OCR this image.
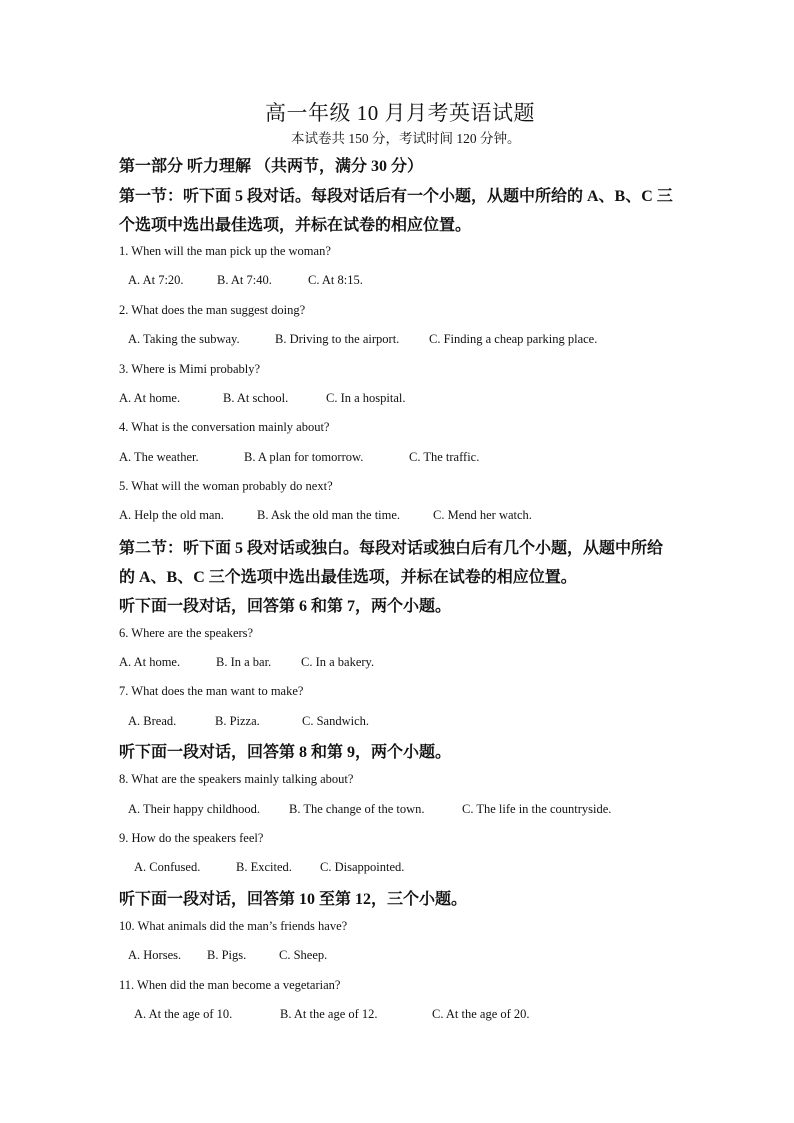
高一年级 10 月月考英语试题
本试卷共 150 分，考试时间 120 分钟。
第一部分 听力理解 （共两节，满分 30 分）
第一节：听下面 5 段对话。每段对话后有一个小题，从题中所给的 A、B、C 三
个选项中选出最佳选项，并标在试卷的相应位置。
1. When will the man pick up the woman?
A. At 7:20.	B. At 7:40.	C. At 8:15.
2. What does the man suggest doing?
A. Taking the subway.	B. Driving to the airport. C. Finding a cheap parking place.
3. Where is Mimi probably?
A. At home.	B. At school.	C. In a hospital.
4. What is the conversation mainly about?
A. The weather.	B. A plan for tomorrow.	C. The traffic.
5. What will the woman probably do next?
A. Help the old man.	B. Ask the old man the time.	C. Mend her watch.
第二节：听下面 5 段对话或独白。每段对话或独白后有几个小题，从题中所给
的 A、B、C 三个选项中选出最佳选项，并标在试卷的相应位置。
听下面一段对话，回答第 6 和第 7，两个小题。
6. Where are the speakers?
A. At home.	B. In a bar. C. In a bakery.
7. What does the man want to make?
A. Bread.	B. Pizza.	C. Sandwich.
听下面一段对话，回答第 8 和第 9，两个小题。
8. What are the speakers mainly talking about?
A. Their happy childhood. B. The change of the town.	C. The life in the countryside.
9. How do the speakers feel?
A. Confused.	B. Excited. C. Disappointed.
听下面一段对话，回答第 10 至第 12，三个小题。
10. What animals did the man’s friends have?
A. Horses. B. Pigs.	C. Sheep.
11. When did the man become a vegetarian?
A. At the age of 10.	B. At the age of 12.	C. At the age of 20.
